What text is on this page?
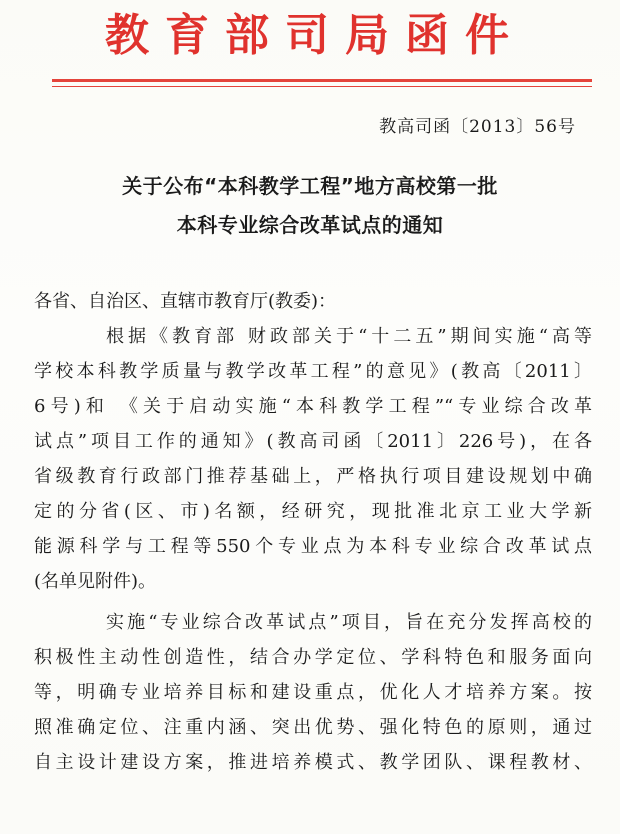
教育部司局函件
教高司函〔2013〕56号
关于公布“本科教学工程”地方高校第一批
本科专业综合改革试点的通知
各省、自治区、直辖市教育厅(教委)：
根据《教育部 财政部关于“十二五”期间实施“高等
学校本科教学质量与教学改革工程”的意见》(教高〔2011〕
6号)和 《关于启动实施“本科教学工程”“专业综合改革
试点”项目工作的通知》(教高司函〔2011〕226号)，在各
省级教育行政部门推荐基础上，严格执行项目建设规划中确
定的分省(区、市)名额，经研究，现批准北京工业大学新
能源科学与工程等550个专业点为本科专业综合改革试点
(名单见附件)。
实施“专业综合改革试点”项目，旨在充分发挥高校的
积极性主动性创造性，结合办学定位、学科特色和服务面向
等，明确专业培养目标和建设重点，优化人才培养方案。按
照准确定位、注重内涵、突出优势、强化特色的原则，通过
自主设计建设方案，推进培养模式、教学团队、课程教材、
